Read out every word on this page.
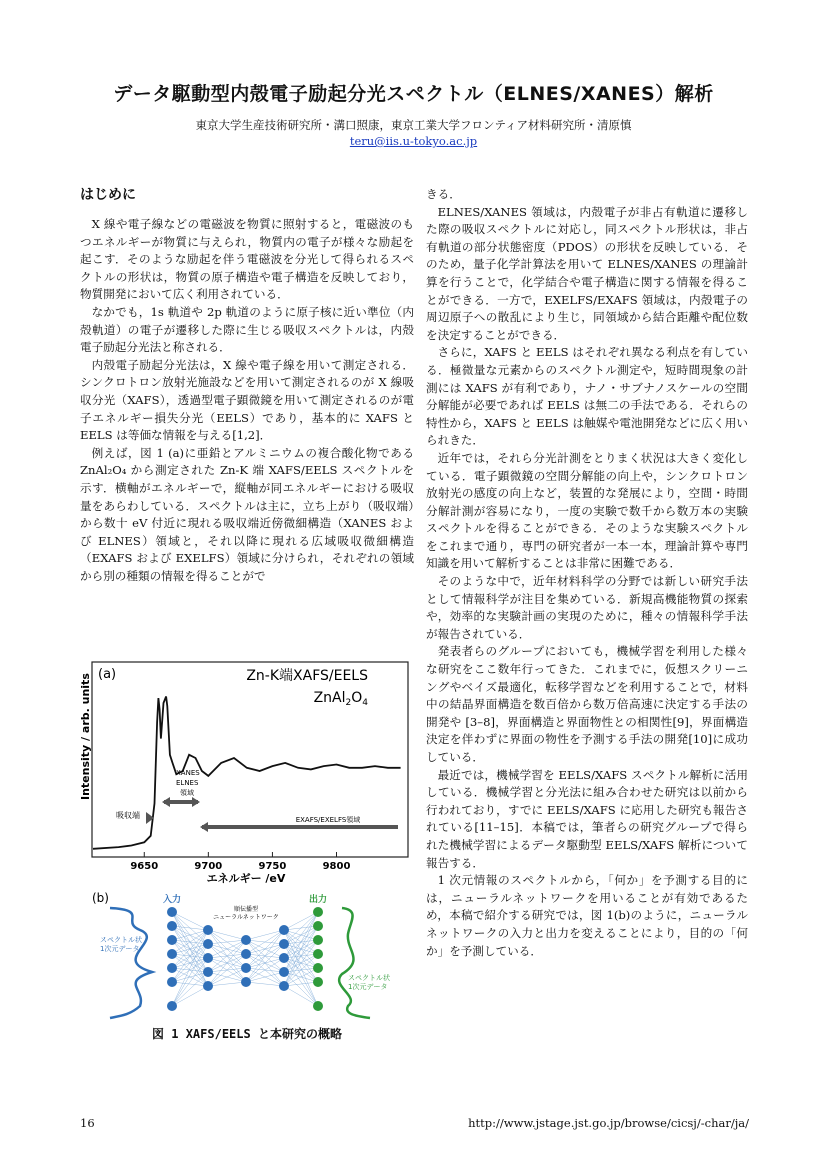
データ駆動型内殻電子励起分光スペクトル（ELNES/XANES）解析
東京大学生産技術研究所・溝口照康，東京工業大学フロンティア材料研究所・清原慎
teru@iis.u-tokyo.ac.jp
はじめに

X 線や電子線などの電磁波を物質に照射すると，電磁波のもつエネルギーが物質に与えられ，物質内の電子が様々な励起を起こす．そのような励起を伴う電磁波を分光して得られるスペクトルの形状は，物質の原子構造や電子構造を反映しており，物質開発において広く利用されている．

なかでも，1s 軌道や 2p 軌道のように原子核に近い準位（内殻軌道）の電子が遷移した際に生じる吸収スペクトルは，内殻電子励起分光法と称される．

内殻電子励起分光法は，X 線や電子線を用いて測定される．シンクロトロン放射光施設などを用いて測定されるのが X 線吸収分光（XAFS），透過型電子顕微鏡を用いて測定されるのが電子エネルギー損失分光（EELS）であり，基本的に XAFS と EELS は等価な情報を与える[1,2]．

例えば，図 1 (a)に亜鉛とアルミニウムの複合酸化物である ZnAl₂O₄ から測定された Zn-K 端 XAFS/EELS スペクトルを示す．横軸がエネルギーで，縦軸が同エネルギーにおける吸収量をあらわしている．スペクトルは主に，立ち上がり（吸収端）から数十 eV 付近に現れる吸収端近傍微細構造（XANES および ELNES）領域と，それ以降に現れる広域吸収微細構造（EXAFS および EXELFS）領域に分けられ，それぞれの領域から別の種類の情報を得ることがで

きる．

ELNES/XANES 領域は，内殻電子が非占有軌道に遷移した際の吸収スペクトルに対応し，同スペクトル形状は，非占有軌道の部分状態密度（PDOS）の形状を反映している．そのため，量子化学計算法を用いて ELNES/XANES の理論計算を行うことで，化学結合や電子構造に関する情報を得ることができる．一方で，EXELFS/EXAFS 領域は，内殻電子の周辺原子への散乱により生じ，同領域から結合距離や配位数を決定することができる．

さらに，XAFS と EELS はそれぞれ異なる利点を有している．極微量な元素からのスペクトル測定や，短時間現象の計測には XAFS が有利であり，ナノ・サブナノスケールの空間分解能が必要であれば EELS は無二の手法である．それらの特性から，XAFS と EELS は触媒や電池開発などに広く用いられきた．

近年では，それら分光計測をとりまく状況は大きく変化している．電子顕微鏡の空間分解能の向上や，シンクロトロン放射光の感度の向上など，装置的な発展により，空間・時間分解計測が容易になり，一度の実験で数千から数万本の実験スペクトルを得ることができる．そのような実験スペクトルをこれまで通り，専門の研究者が一本一本，理論計算や専門知識を用いて解析することは非常に困難である．

そのような中で，近年材料科学の分野では新しい研究手法として情報科学が注目を集めている．新規高機能物質の探索や，効率的な実験計画の実現のために，種々の情報科学手法が報告されている．

発表者らのグループにおいても，機械学習を利用した様々な研究をここ数年行ってきた．これまでに，仮想スクリーニングやベイズ最適化，転移学習などを利用することで，材料中の結晶界面構造を数百倍から数万倍高速に決定する手法の開発や [3–8]，界面構造と界面物性との相関性[9]，界面構造決定を伴わずに界面の物性を予測する手法の開発[10]に成功している．

最近では，機械学習を EELS/XAFS スペクトル解析に活用している．機械学習と分光法に組み合わせた研究は以前から行われており，すでに EELS/XAFS に応用した研究も報告されている[11–15]．本稿では，筆者らの研究グループで得られた機械学習によるデータ駆動型 EELS/XAFS 解析について報告する．

1 次元情報のスペクトルから，「何か」を予測する目的には，ニューラルネットワークを用いることが有効であるため，本稿で紹介する研究では，図 1(b)のように，ニューラルネットワークの入力と出力を変えることにより，目的の「何か」を予測している．

(a)	Zn-K端XAFS/EELS
$ZnAl_2O_4$
Intensity / arb. units
吸収端
XANES
ELNES
領域
EXAFS/EXELFS領域
9650	9700	9750	9800
エネルギー /eV
(b)	入力	出力
順伝播型
ニューラルネットワーク
スペクトル状
1次元データ
スペクトル状
1次元データ
図 1 XAFS/EELS と本研究の概略
16	http://www.jstage.jst.go.jp/browse/cicsj/-char/ja/
